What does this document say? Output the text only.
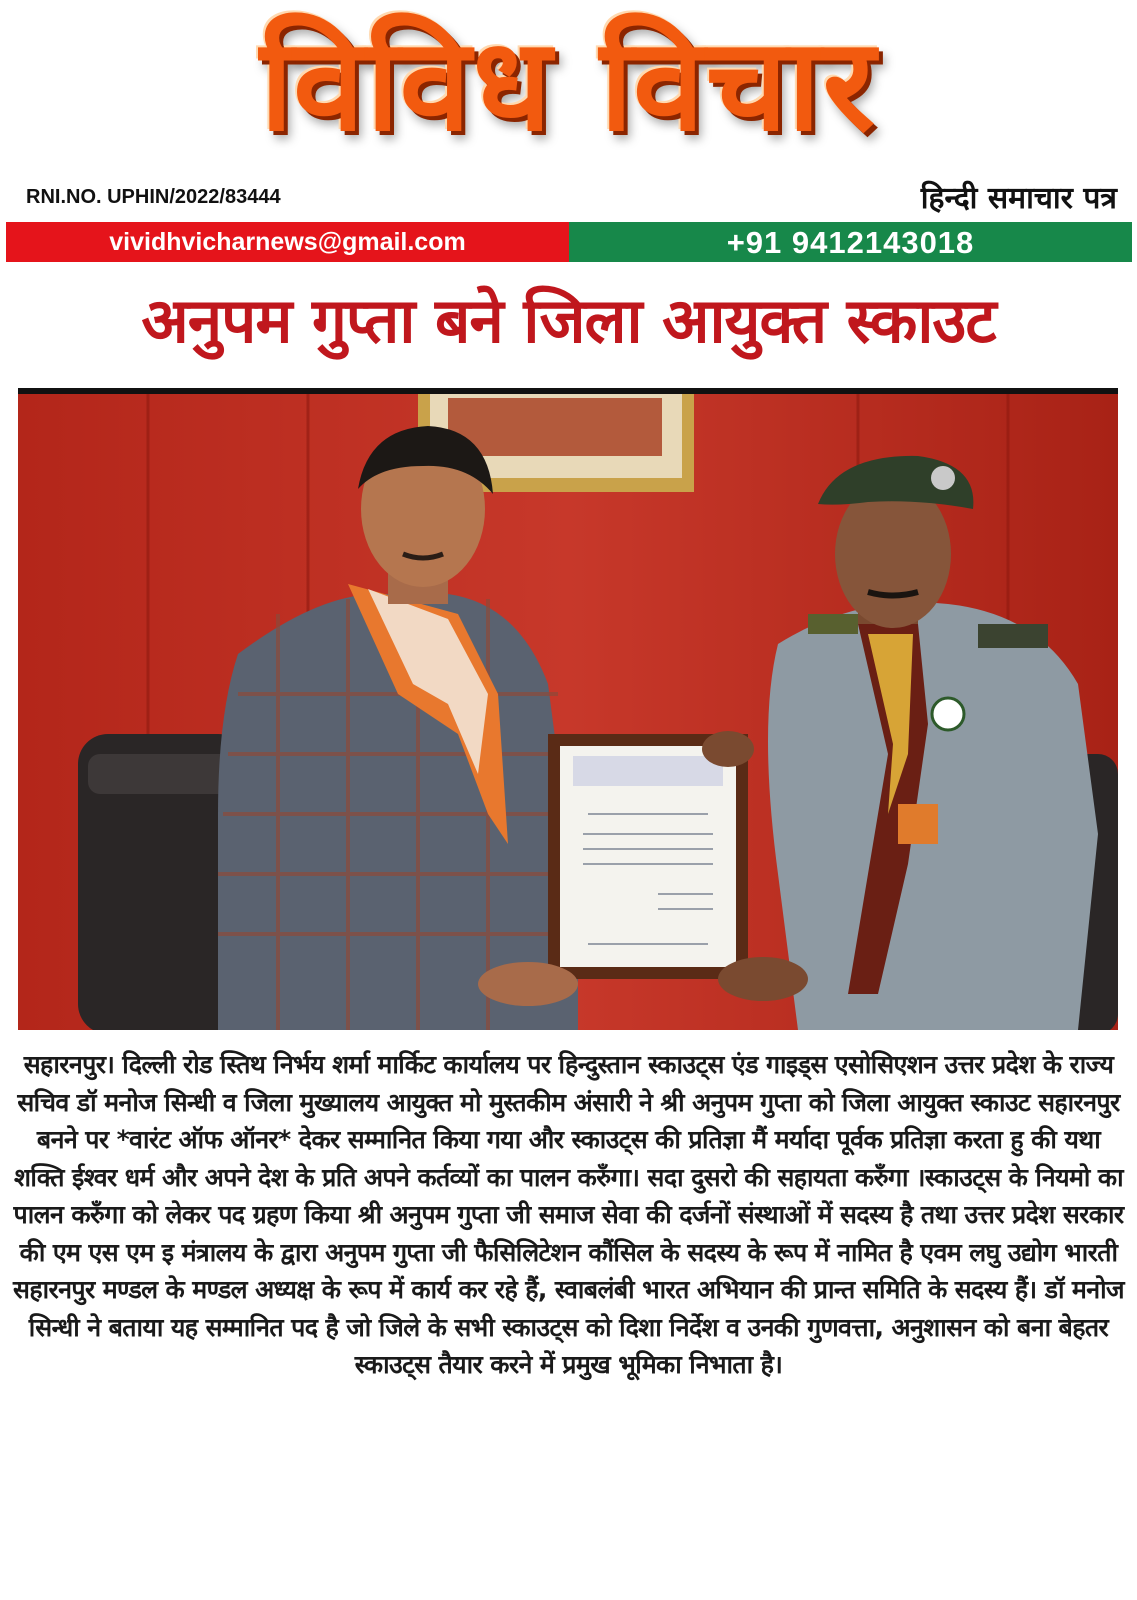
विविध विचार
RNI.NO. UPHIN/2022/83444	हिन्दी समाचार पत्र
vividhvicharnews@gmail.com	+91 9412143018
अनुपम गुप्ता बने जिला आयुक्त स्काउट
सहारनपुर। दिल्ली रोड स्तिथ निर्भय शर्मा मार्किट कार्यालय पर हिन्दुस्तान स्काउट्स एंड गाइड्स एसोसिएशन उत्तर प्रदेश के राज्य सचिव डॉ मनोज सिन्धी व जिला मुख्यालय आयुक्त मो मुस्तकीम अंसारी ने श्री अनुपम गुप्ता को जिला आयुक्त स्काउट सहारनपुर बनने पर *वारंट ऑफ ऑनर* देकर सम्मानित किया गया और स्काउट्स की प्रतिज्ञा मैं मर्यादा पूर्वक प्रतिज्ञा करता हु की यथा शक्ति ईश्वर धर्म और अपने देश के प्रति अपने कर्तव्यों का पालन करुँगा। सदा दुसरो की सहायता करुँगा ।स्काउट्स के नियमो का पालन करुँगा को लेकर पद ग्रहण किया श्री अनुपम गुप्ता जी समाज सेवा की दर्जनों संस्थाओं में सदस्य है तथा उत्तर प्रदेश सरकार की एम एस एम इ मंत्रालय के द्वारा अनुपम गुप्ता जी फैसिलिटेशन कौंसिल के सदस्य के रूप में नामित है एवम लघु उद्योग भारती सहारनपुर मण्डल के मण्डल अध्यक्ष के रूप में कार्य कर रहे हैं, स्वाबलंबी भारत अभियान की प्रान्त समिति के सदस्य हैं। डॉ मनोज सिन्धी ने बताया यह सम्मानित पद है जो जिले के सभी स्काउट्स को दिशा निर्देश व उनकी गुणवत्ता, अनुशासन को बना बेहतर स्काउट्स तैयार करने में प्रमुख भूमिका निभाता है।
